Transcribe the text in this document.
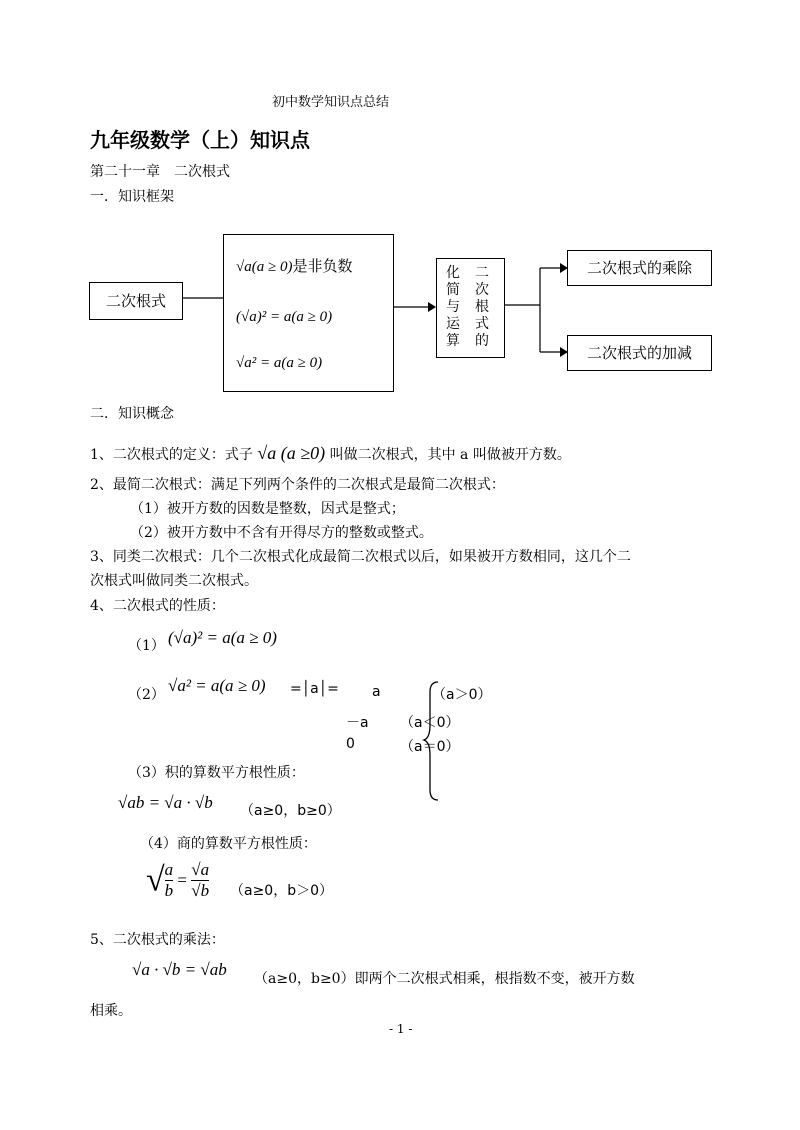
初中数学知识点总结
九年级数学（上）知识点
第二十一章　二次根式
一．知识框架
二次根式
√a(a ≥ 0)是非负数
(√a)² = a(a ≥ 0)
√a² = a(a ≥ 0)
化
简
与
运
算
二
次
根
式
的
二次根式的乘除
二次根式的加减
二．知识概念
1、二次根式的定义：式子 √a (a ≥0) 叫做二次根式，其中 a 叫做被开方数。
2、最简二次根式：满足下列两个条件的二次根式是最简二次根式：
（1）被开方数的因数是整数，因式是整式；
（2）被开方数中不含有开得尽方的整数或整式。
3、同类二次根式：几个二次根式化成最简二次根式以后，如果被开方数相同，这几个二
次根式叫做同类二次根式。
4、二次根式的性质：
（1） (√a)² = a(a ≥ 0)
（2） √a² = a(a ≥ 0) =│a│= a	（a＞0）
－a （a＜0）
0	（a＝0）
（3）积的算数平方根性质：
√ab = √a · √b （a≥0，b≥0）
（4）商的算数平方根性质：
√ $\frac{a}{b} = \frac{√a}{√b} (a\ge 0$，b＞0）
5、二次根式的乘法：
√a · √b = √ab （a≥0，b≥0）即两个二次根式相乘，根指数不变，被开方数
相乘。
- 1 -
